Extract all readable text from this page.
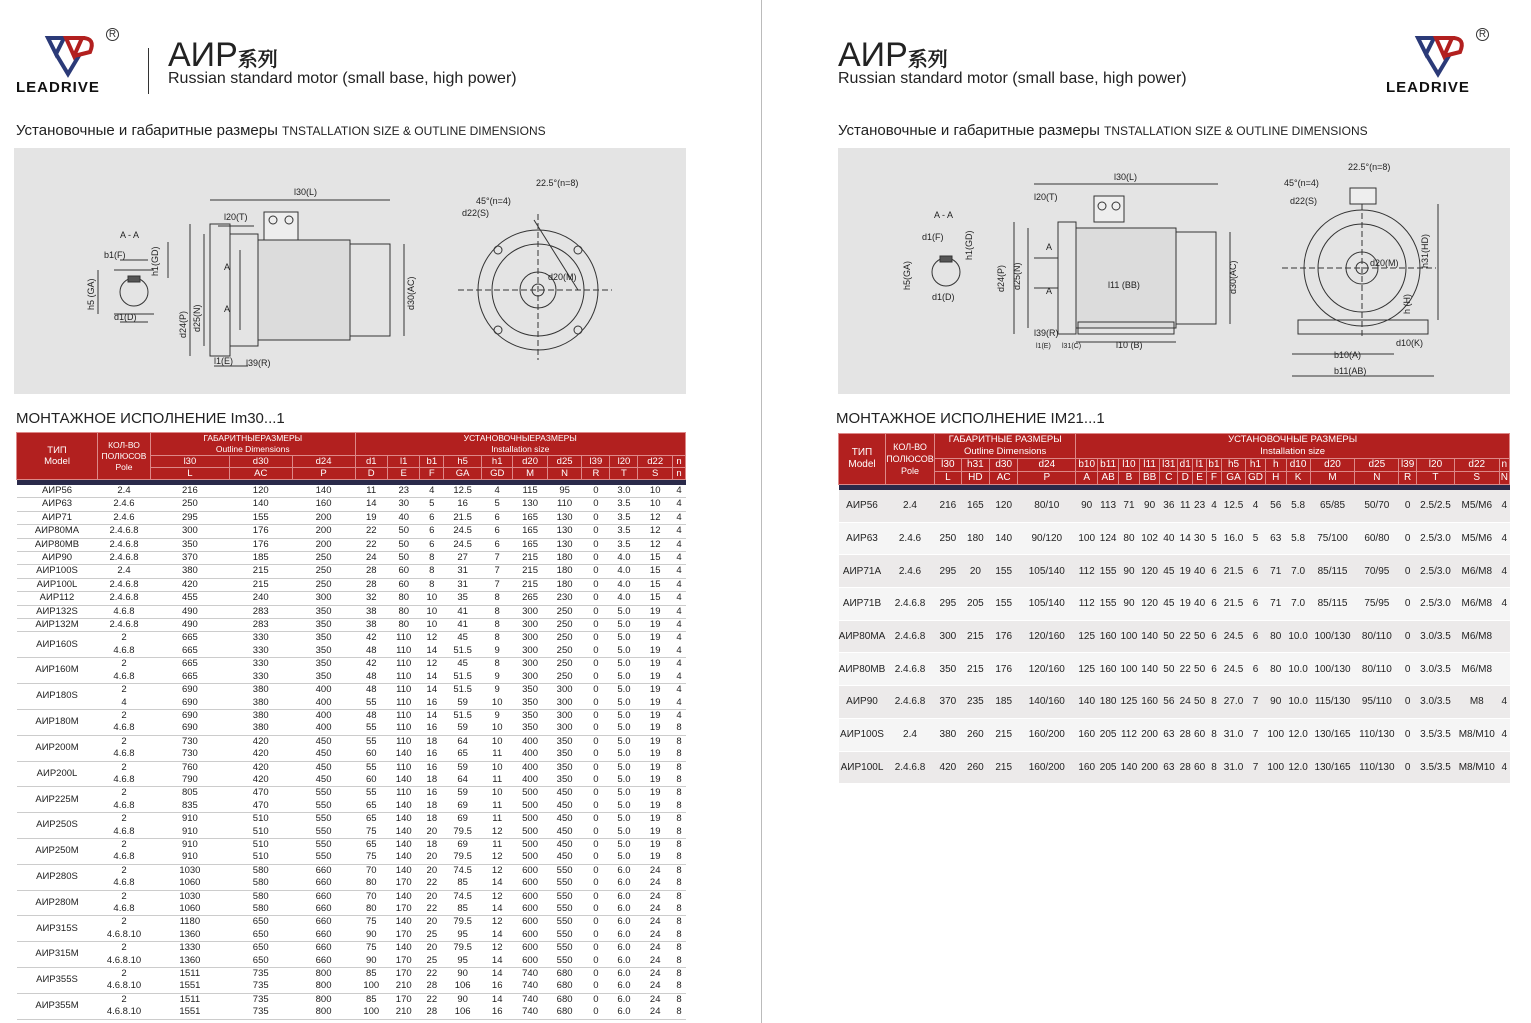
R
LEADRIVE
АИР系列
Russian standard motor (small base, high power)
Установочные и габаритные размеры TNSTALLATION SIZE & OUTLINE DIMENSIONS
A - A
b1(F)
d1(D)
l20(T)
l30(L)
l1(E) l39(R)
d22(S)
d20(M)
45°(n=4)
22.5°(n=8)
A
A
h5 (GA)
h1(GD)
d24(P) d25(N)
d30(AC)
МОНТАЖНОЕ ИСПОЛНЕНИЕ Im30...1
ТИП
Model	КОЛ-ВО ПОЛЮСОВ
Pole	ГАБАРИТНЫЕРАЗМЕРЫ
Outline Dimensions			УСТАНОВОЧНЫЕРАЗМЕРЫ
Installation size										
		l30	d30	d24	d1	l1	b1	h5	h1	d20	d25	l39	l20	d22	n
		L	AC	P	D	E	F	GA	GD	M	N	R	T	S	n

АИР56	2.4	216	120	140	11	23	4	12.5	4	115	95	0	3.0	10	4
АИР63	2.4.6	250	140	160	14	30	5	16	5	130	110	0	3.5	10	4
АИР71	2.4.6	295	155	200	19	40	6	21.5	6	165	130	0	3.5	12	4
АИР80МА	2.4.6.8	300	176	200	22	50	6	24.5	6	165	130	0	3.5	12	4
АИР80МВ	2.4.6.8	350	176	200	22	50	6	24.5	6	165	130	0	3.5	12	4
АИР90	2.4.6.8	370	185	250	24	50	8	27	7	215	180	0	4.0	15	4
АИР100S	2.4	380	215	250	28	60	8	31	7	215	180	0	4.0	15	4
АИР100L	2.4.6.8	420	215	250	28	60	8	31	7	215	180	0	4.0	15	4
АИР112	2.4.6.8	455	240	300	32	80	10	35	8	265	230	0	4.0	15	4
АИР132S	4.6.8	490	283	350	38	80	10	41	8	300	250	0	5.0	19	4
АИР132М	2.4.6.8	490	283	350	38	80	10	41	8	300	250	0	5.0	19	4
АИР160S	2	665	330	350	42	110	12	45	8	300	250	0	5.0	19	4
	4.6.8	665	330	350	48	110	14	51.5	9	300	250	0	5.0	19	4
АИР160М	2	665	330	350	42	110	12	45	8	300	250	0	5.0	19	4
	4.6.8	665	330	350	48	110	14	51.5	9	300	250	0	5.0	19	4
АИР180S	2	690	380	400	48	110	14	51.5	9	350	300	0	5.0	19	4
	4	690	380	400	55	110	16	59	10	350	300	0	5.0	19	4
АИР180М	2	690	380	400	48	110	14	51.5	9	350	300	0	5.0	19	4
	4.6.8	690	380	400	55	110	16	59	10	350	300	0	5.0	19	8
АИР200М	2	730	420	450	55	110	18	64	10	400	350	0	5.0	19	8
	4.6.8	730	420	450	60	140	16	65	11	400	350	0	5.0	19	8
АИР200L	2	760	420	450	55	110	16	59	10	400	350	0	5.0	19	8
	4.6.8	790	420	450	60	140	18	64	11	400	350	0	5.0	19	8
АИР225М	2	805	470	550	55	110	16	59	10	500	450	0	5.0	19	8
	4.6.8	835	470	550	65	140	18	69	11	500	450	0	5.0	19	8
АИР250S	2	910	510	550	65	140	18	69	11	500	450	0	5.0	19	8
	4.6.8	910	510	550	75	140	20	79.5	12	500	450	0	5.0	19	8
АИР250М	2	910	510	550	65	140	18	69	11	500	450	0	5.0	19	8
	4.6.8	910	510	550	75	140	20	79.5	12	500	450	0	5.0	19	8
АИР280S	2	1030	580	660	70	140	20	74.5	12	600	550	0	6.0	24	8
	4.6.8	1060	580	660	80	170	22	85	14	600	550	0	6.0	24	8
АИР280М	2	1030	580	660	70	140	20	74.5	12	600	550	0	6.0	24	8
	4.6.8	1060	580	660	80	170	22	85	14	600	550	0	6.0	24	8
АИР315S	2	1180	650	660	75	140	20	79.5	12	600	550	0	6.0	24	8
	4.6.8.10	1360	650	660	90	170	25	95	14	600	550	0	6.0	24	8
АИР315М	2	1330	650	660	75	140	20	79.5	12	600	550	0	6.0	24	8
	4.6.8.10	1360	650	660	90	170	25	95	14	600	550	0	6.0	24	8
АИР355S	2	1511	735	800	85	170	22	90	14	740	680	0	6.0	24	8
	4.6.8.10	1551	735	800	100	210	28	106	16	740	680	0	6.0	24	8
АИР355М	2	1511	735	800	85	170	22	90	14	740	680	0	6.0	24	8
	4.6.8.10	1551	735	800	100	210	28	106	16	740	680	0	6.0	24	8
АИР系列
Russian standard motor (small base, high power)
R
LEADRIVE
Установочные и габаритные размеры TNSTALLATION SIZE & OUTLINE DIMENSIONS
A - A
d1(F)
d1(D)
l20(T)
l30(L)
l11 (BB)
l10 (B)
l39(R)
l1(E) l31(C)
d22(S)
d20(M)
45°(n=4)
22.5°(n=8)
b10(A)
b11(AB)
d10(K)
A
A
h5(GA)
h1(GD)
d24(P) d25(N)	d30(AC)
h31(HD)
h (H)
МОНТАЖНОЕ ИСПОЛНЕНИЕ IM21...1
ТИП
Model	КОЛ-ВО ПОЛЮСОВ
Pole	ГАБАРИТНЫЕ РАЗМЕРЫ
Outline Dimensions				УСТАНОВОЧНЫЕ РАЗМЕРЫ
Installation size																	
		l30	h31	d30	d24	b10	b11	l10	l11	l31	d1	l1	b1	h5	h1	h	d10	d20	d25	l39	l20	d22	n
		L	HD	AC	P	A	AB	B	BB	C	D	E	F	GA	GD	H	K	M	N	R	T	S	N

АИР56	2.4	216	165	120	80/10	90	113	71	90	36	11	23	4	12.5	4	56	5.8	65/85	50/70	0	2.5/2.5	M5/M6	4
АИР63	2.4.6	250	180	140	90/120	100	124	80	102	40	14	30	5	16.0	5	63	5.8	75/100	60/80	0	2.5/3.0	M5/M6	4
АИР71А	2.4.6	295	20	155	105/140	112	155	90	120	45	19	40	6	21.5	6	71	7.0	85/115	70/95	0	2.5/3.0	M6/M8	4
АИР71В	2.4.6.8	295	205	155	105/140	112	155	90	120	45	19	40	6	21.5	6	71	7.0	85/115	75/95	0	2.5/3.0	M6/M8	4
АИР80МА	2.4.6.8	300	215	176	120/160	125	160	100	140	50	22	50	6	24.5	6	80	10.0	100/130	80/110	0	3.0/3.5	M6/M8	
АИР80МВ	2.4.6.8	350	215	176	120/160	125	160	100	140	50	22	50	6	24.5	6	80	10.0	100/130	80/110	0	3.0/3.5	M6/M8	
АИР90	2.4.6.8	370	235	185	140/160	140	180	125	160	56	24	50	8	27.0	7	90	10.0	115/130	95/110	0	3.0/3.5	M8	4
АИР100S	2.4	380	260	215	160/200	160	205	112	200	63	28	60	8	31.0	7	100	12.0	130/165	110/130	0	3.5/3.5	M8/M10	4
АИР100L	2.4.6.8	420	260	215	160/200	160	205	140	200	63	28	60	8	31.0	7	100	12.0	130/165	110/130	0	3.5/3.5	M8/M10	4
